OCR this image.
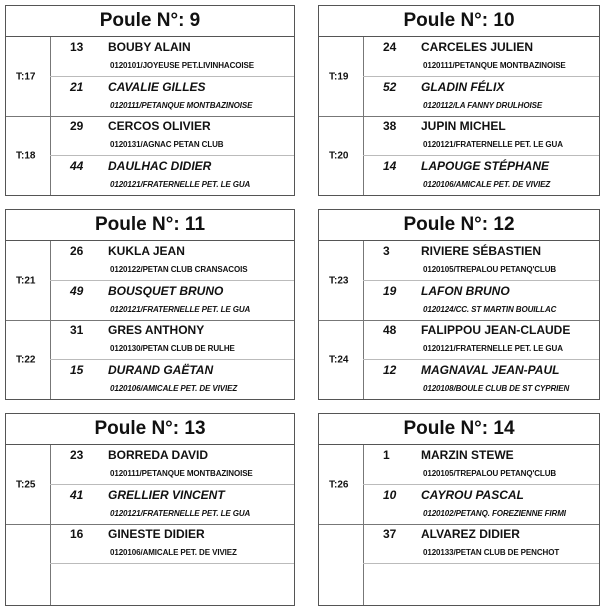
Poule N°: 9
T:17
13	BOUBY ALAIN
0120101/JOYEUSE PET.LIVINHACOISE
21	CAVALIE GILLES
0120111/PETANQUE MONTBAZINOISE
T:18
29	CERCOS OLIVIER
0120131/AGNAC PETAN CLUB
44	DAULHAC DIDIER
0120121/FRATERNELLE PET. LE GUA
Poule N°: 10
T:19
24	CARCELES JULIEN
0120111/PETANQUE MONTBAZINOISE
52	GLADIN FÉLIX
0120112/LA FANNY DRULHOISE
T:20
38	JUPIN MICHEL
0120121/FRATERNELLE PET. LE GUA
14	LAPOUGE STÉPHANE
0120106/AMICALE PET. DE VIVIEZ
Poule N°: 11
T:21
26	KUKLA JEAN
0120122/PETAN CLUB CRANSACOIS
49	BOUSQUET BRUNO
0120121/FRATERNELLE PET. LE GUA
T:22
31	GRES ANTHONY
0120130/PETAN CLUB DE RULHE
15	DURAND GAËTAN
0120106/AMICALE PET. DE VIVIEZ
Poule N°: 12
T:23
3	RIVIERE SÉBASTIEN
0120105/TREPALOU PETANQ'CLUB
19	LAFON BRUNO
0120124/CC. ST MARTIN BOUILLAC
T:24
48	FALIPPOU JEAN-CLAUDE
0120121/FRATERNELLE PET. LE GUA
12	MAGNAVAL JEAN-PAUL
0120108/BOULE CLUB DE ST CYPRIEN
Poule N°: 13
T:25
23	BORREDA DAVID
0120111/PETANQUE MONTBAZINOISE
41	GRELLIER VINCENT
0120121/FRATERNELLE PET. LE GUA
16	GINESTE DIDIER
0120106/AMICALE PET. DE VIVIEZ
Poule N°: 14
T:26
1	MARZIN STEWE
0120105/TREPALOU PETANQ'CLUB
10	CAYROU PASCAL
0120102/PETANQ. FOREZIENNE FIRMI
37	ALVAREZ DIDIER
0120133/PETAN CLUB DE PENCHOT
